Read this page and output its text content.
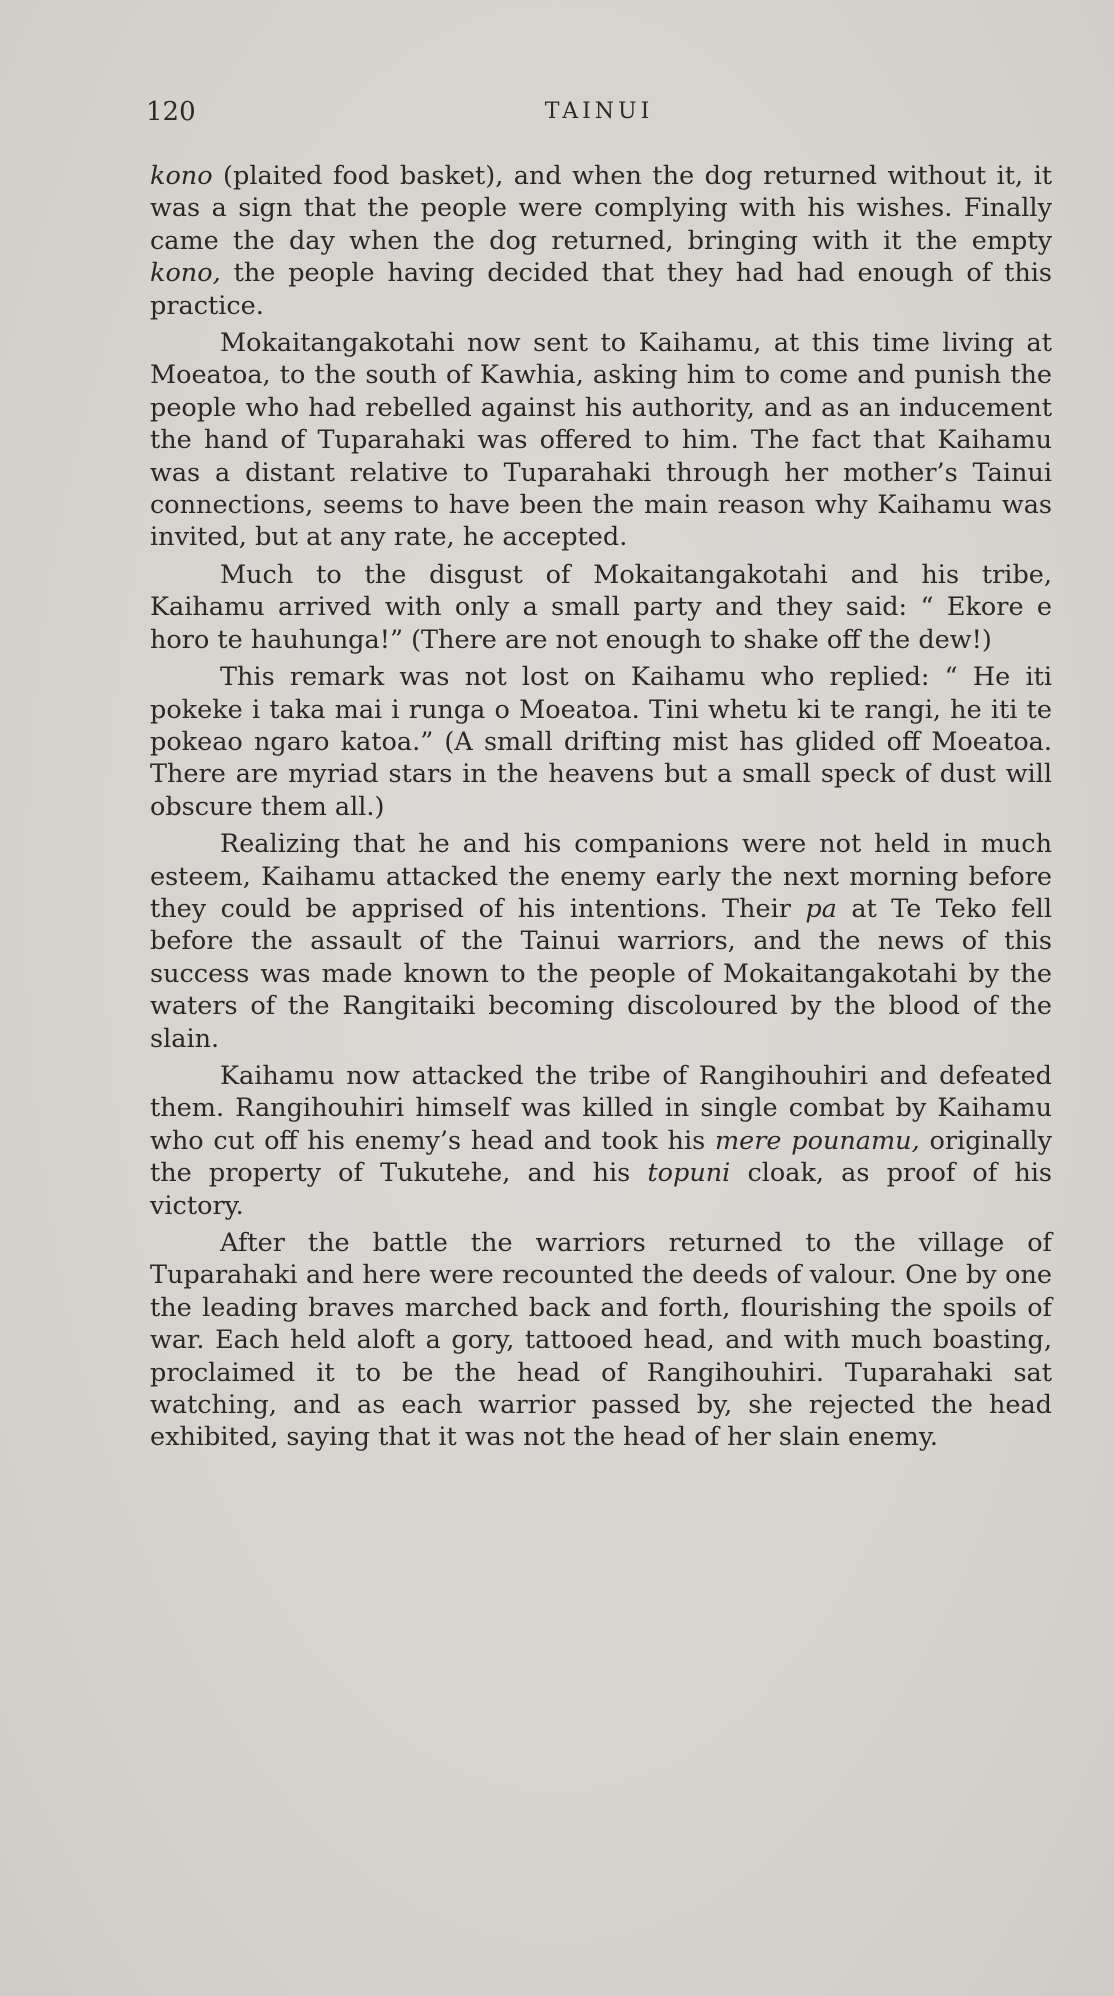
120	TAINUI

kono (plaited food basket), and when the dog returned without it, it was a sign that the people were complying with his wishes. Finally came the day when the dog returned, bringing with it the empty kono, the people having decided that they had had enough of this practice.

Mokaitangakotahi now sent to Kaihamu, at this time living at Moeatoa, to the south of Kawhia, asking him to come and punish the people who had rebelled against his authority, and as an inducement the hand of Tuparahaki was offered to him. The fact that Kaihamu was a distant relative to Tuparahaki through her mother’s Tainui connections, seems to have been the main reason why Kaihamu was invited, but at any rate, he accepted.

Much to the disgust of Mokaitangakotahi and his tribe, Kaihamu arrived with only a small party and they said: “ Ekore e horo te hauhunga!” (There are not enough to shake off the dew!)

This remark was not lost on Kaihamu who replied: “ He iti pokeke i taka mai i runga o Moeatoa. Tini whetu ki te rangi, he iti te pokeao ngaro katoa.” (A small drifting mist has glided off Moeatoa. There are myriad stars in the heavens but a small speck of dust will obscure them all.)

Realizing that he and his companions were not held in much esteem, Kaihamu attacked the enemy early the next morning before they could be apprised of his intentions. Their pa at Te Teko fell before the assault of the Tainui warriors, and the news of this success was made known to the people of Mokaitangakotahi by the waters of the Rangitaiki becoming discoloured by the blood of the slain.

Kaihamu now attacked the tribe of Rangihouhiri and defeated them. Rangihouhiri himself was killed in single combat by Kaihamu who cut off his enemy’s head and took his mere pounamu, originally the property of Tukutehe, and his topuni cloak, as proof of his victory.

After the battle the warriors returned to the village of Tuparahaki and here were recounted the deeds of valour. One by one the leading braves marched back and forth, flourishing the spoils of war. Each held aloft a gory, tattooed head, and with much boasting, proclaimed it to be the head of Rangihouhiri. Tuparahaki sat watching, and as each warrior passed by, she rejected the head exhibited, saying that it was not the head of her slain enemy.
